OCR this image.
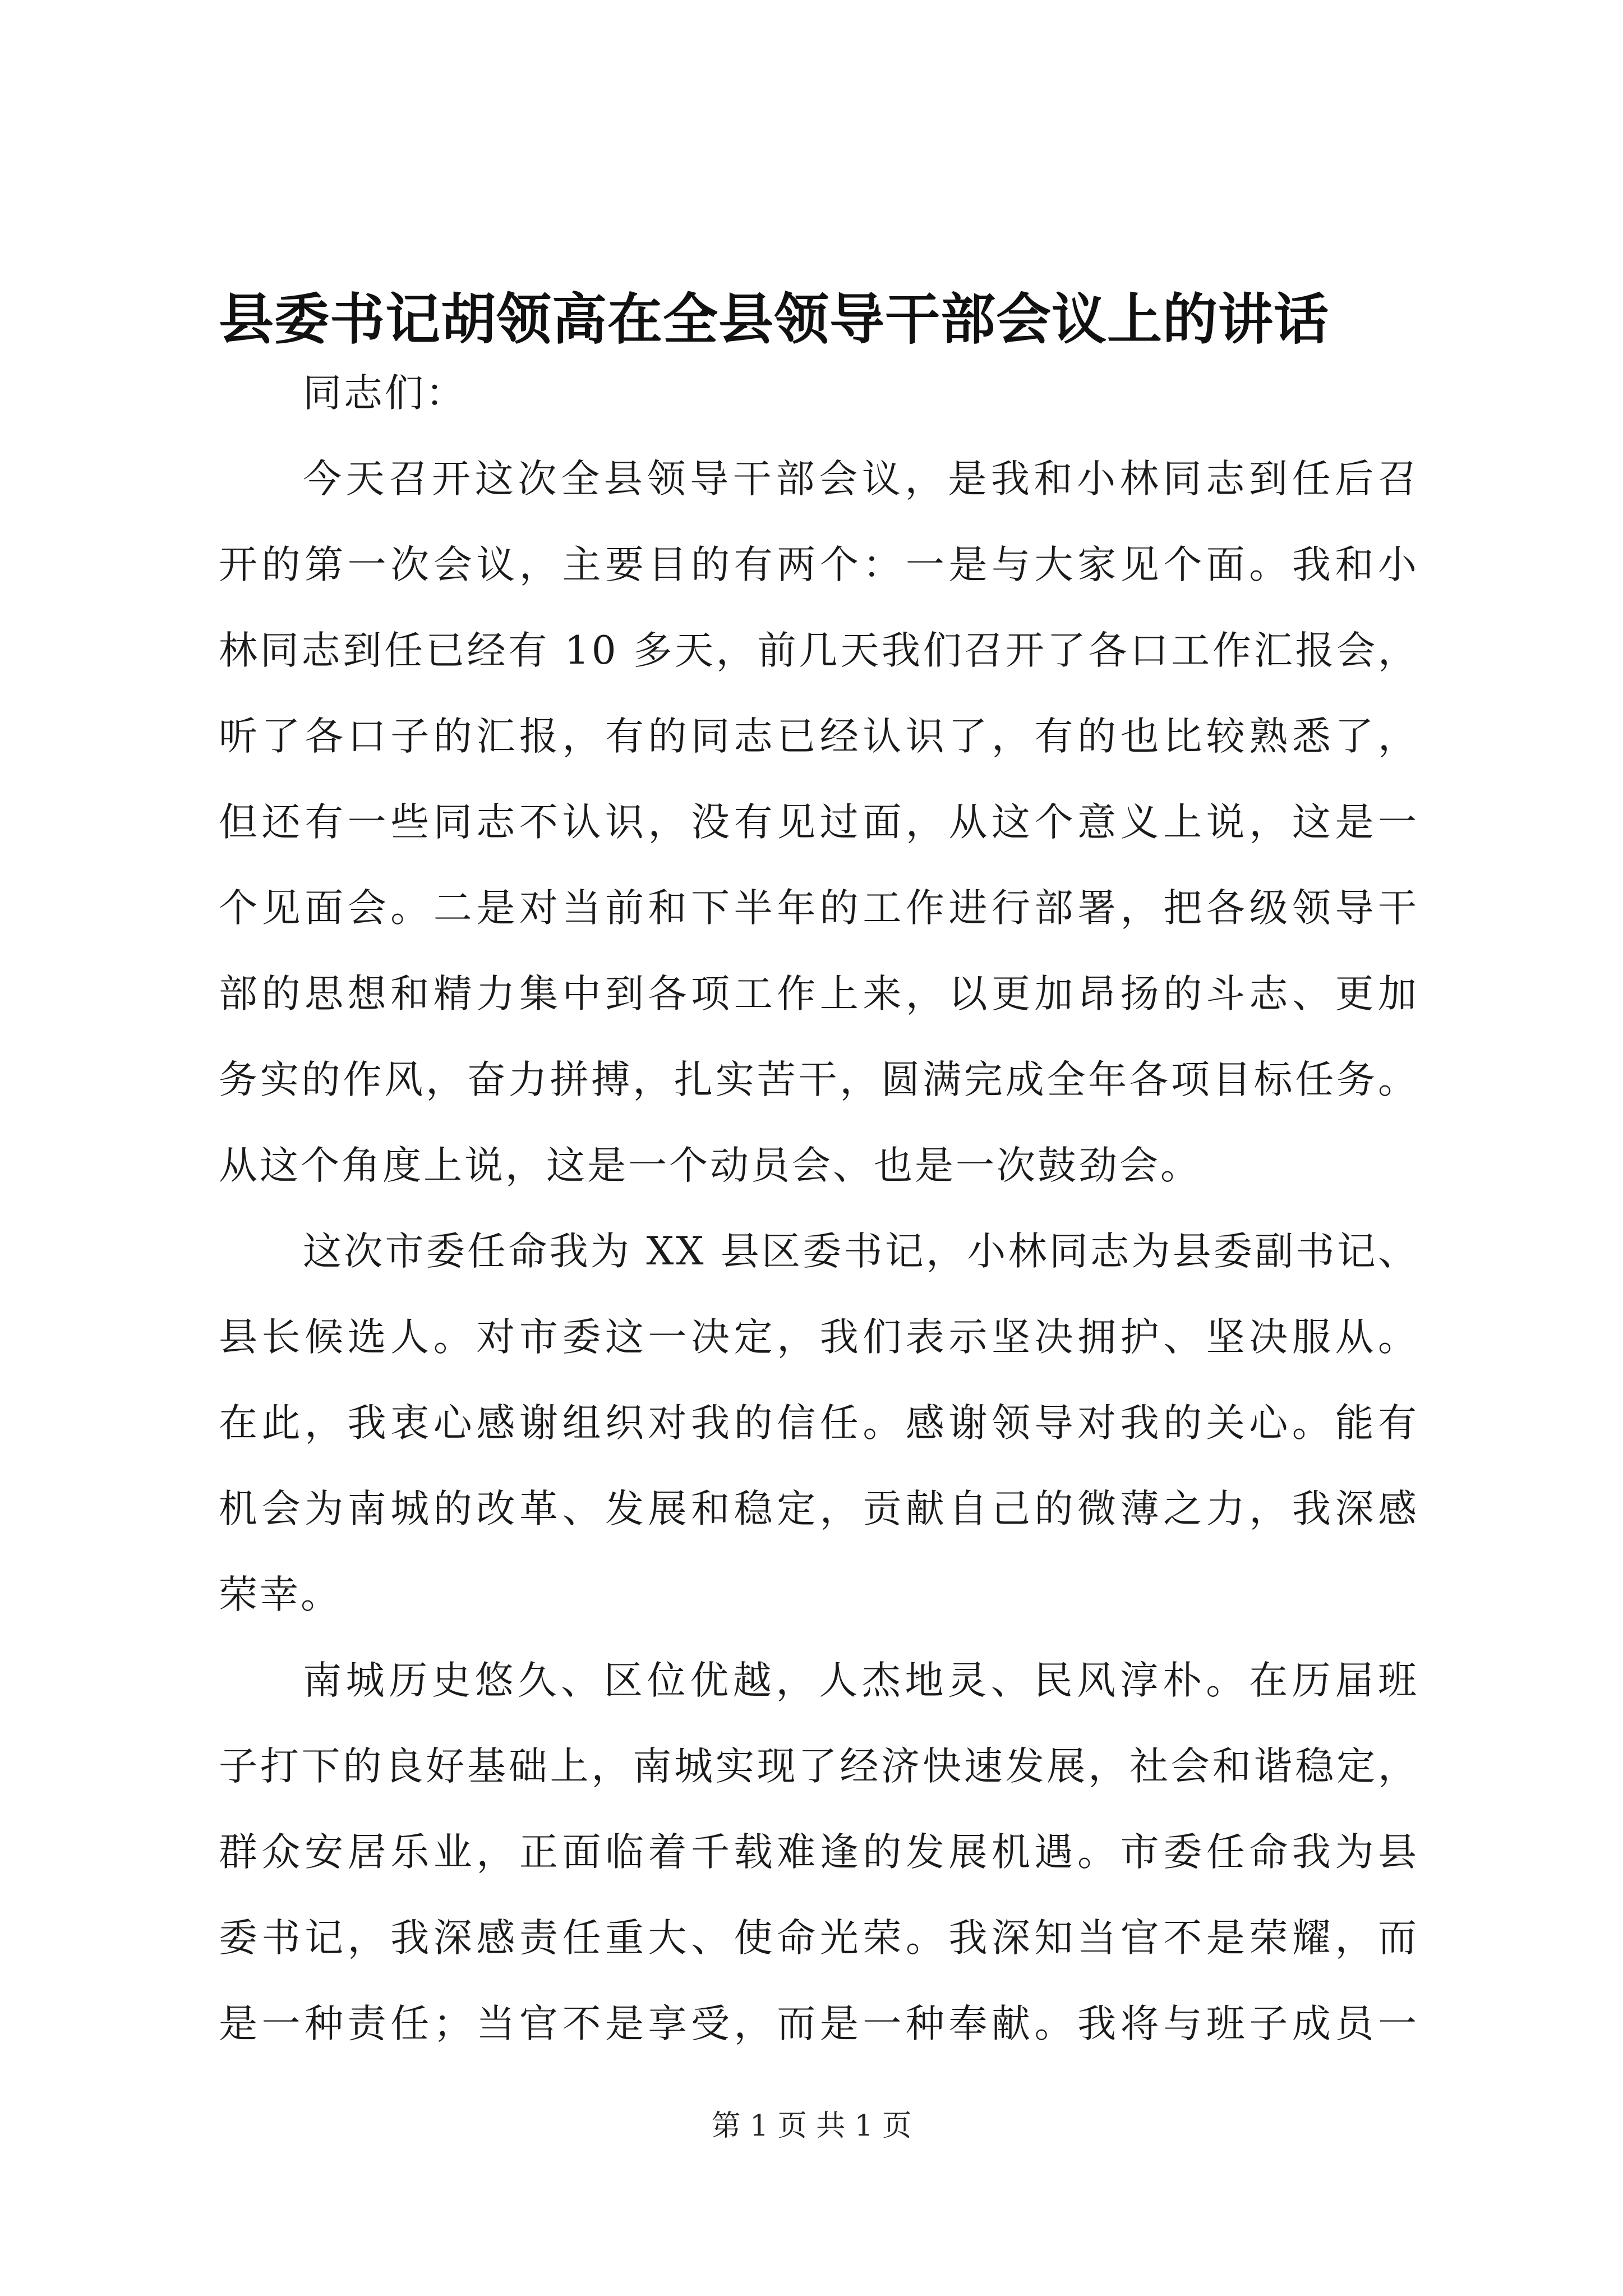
县委书记胡领高在全县领导干部会议上的讲话
同志们：
今天召开这次全县领导干部会议，是我和小林同志到任后召
开的第一次会议，主要目的有两个：一是与大家见个面。我和小
林同志到任已经有 10 多天，前几天我们召开了各口工作汇报会，
听了各口子的汇报，有的同志已经认识了，有的也比较熟悉了，
但还有一些同志不认识，没有见过面，从这个意义上说，这是一
个见面会。二是对当前和下半年的工作进行部署，把各级领导干
部的思想和精力集中到各项工作上来，以更加昂扬的斗志、更加
务实的作风，奋力拼搏，扎实苦干，圆满完成全年各项目标任务。
从这个角度上说，这是一个动员会、也是一次鼓劲会。
这次市委任命我为 XX 县区委书记，小林同志为县委副书记、
县长候选人。对市委这一决定，我们表示坚决拥护、坚决服从。
在此，我衷心感谢组织对我的信任。感谢领导对我的关心。能有
机会为南城的改革、发展和稳定，贡献自己的微薄之力，我深感
荣幸。
南城历史悠久、区位优越，人杰地灵、民风淳朴。在历届班
子打下的良好基础上，南城实现了经济快速发展，社会和谐稳定，
群众安居乐业，正面临着千载难逢的发展机遇。市委任命我为县
委书记，我深感责任重大、使命光荣。我深知当官不是荣耀，而
是一种责任；当官不是享受，而是一种奉献。我将与班子成员一
第 1 页 共 1 页
